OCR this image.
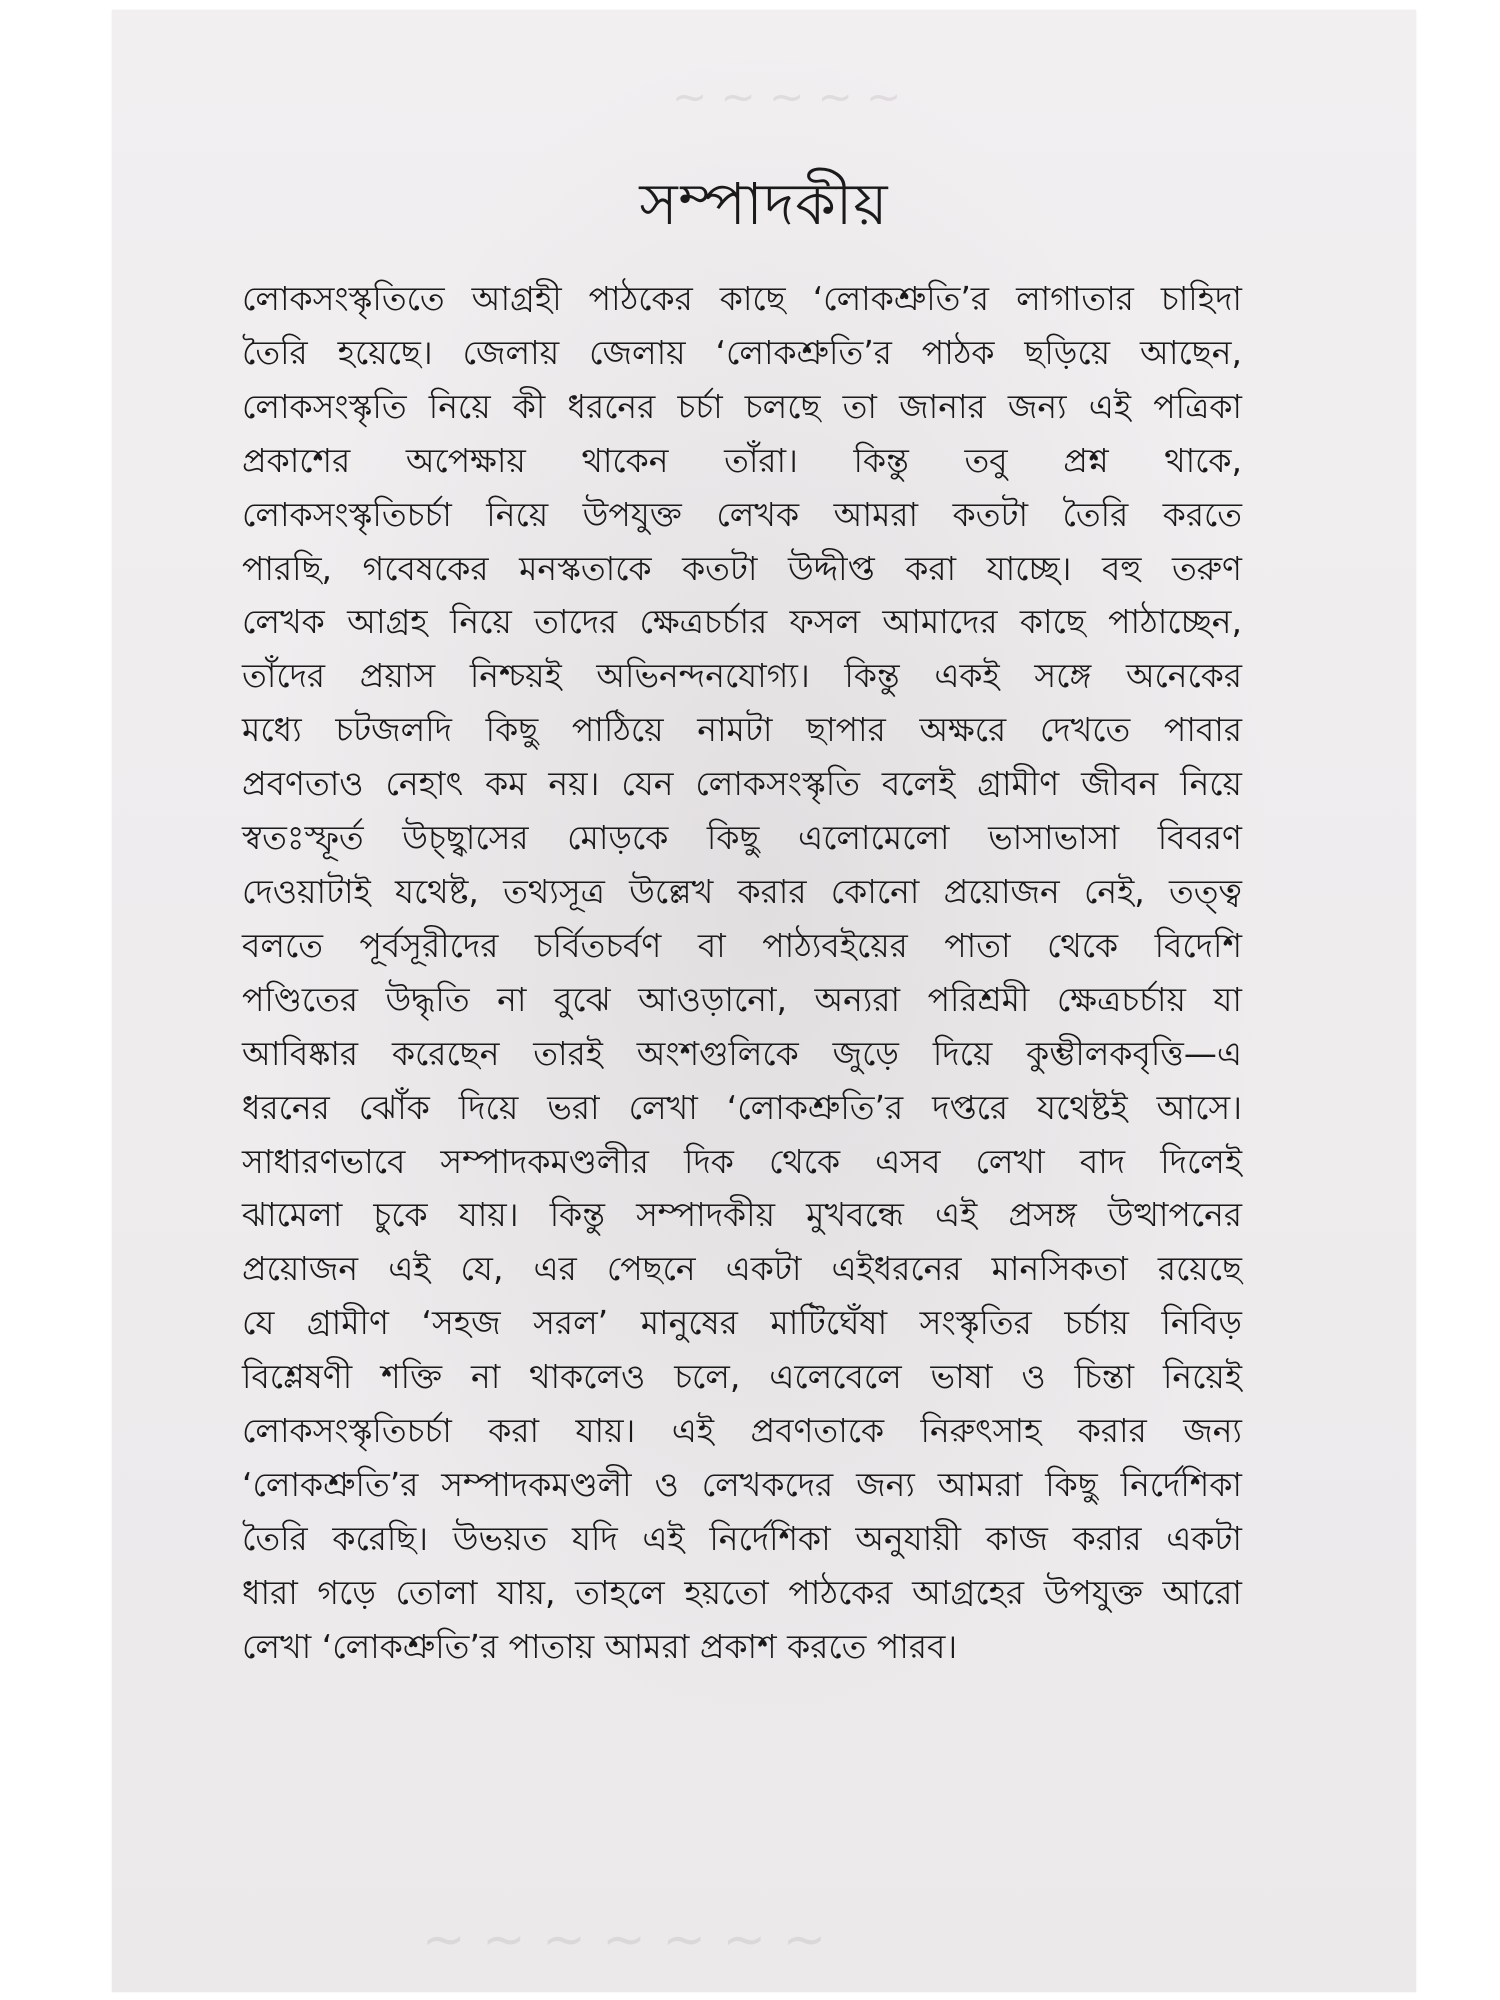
~ ~ ~ ~ ~
~ ~ ~ ~ ~ ~ ~
সম্পাদকীয়

লোকসংস্কৃতিতে আগ্রহী পাঠকের কাছে ‘লোকশ্রুতি’র লাগাতার চাহিদা
তৈরি হয়েছে। জেলায় জেলায় ‘লোকশ্রুতি’র পাঠক ছড়িয়ে আছেন,
লোকসংস্কৃতি নিয়ে কী ধরনের চর্চা চলছে তা জানার জন্য এই পত্রিকা
প্রকাশের অপেক্ষায় থাকেন তাঁরা। কিন্তু তবু প্রশ্ন থাকে,
লোকসংস্কৃতিচর্চা নিয়ে উপযুক্ত লেখক আমরা কতটা তৈরি করতে
পারছি, গবেষকের মনস্কতাকে কতটা উদ্দীপ্ত করা যাচ্ছে। বহু তরুণ
লেখক আগ্রহ নিয়ে তাদের ক্ষেত্রচর্চার ফসল আমাদের কাছে পাঠাচ্ছেন,
তাঁদের প্রয়াস নিশ্চয়ই অভিনন্দনযোগ্য। কিন্তু একই সঙ্গে অনেকের
মধ্যে চটজলদি কিছু পাঠিয়ে নামটা ছাপার অক্ষরে দেখতে পাবার
প্রবণতাও নেহাৎ কম নয়। যেন লোকসংস্কৃতি বলেই গ্রামীণ জীবন নিয়ে
স্বতঃস্ফূর্ত উচ্ছ্বাসের মোড়কে কিছু এলোমেলো ভাসাভাসা বিবরণ
দেওয়াটাই যথেষ্ট, তথ্যসূত্র উল্লেখ করার কোনো প্রয়োজন নেই, তত্ত্ব
বলতে পূর্বসূরীদের চর্বিতচর্বণ বা পাঠ্যবইয়ের পাতা থেকে বিদেশি
পণ্ডিতের উদ্ধৃতি না বুঝে আওড়ানো, অন্যরা পরিশ্রমী ক্ষেত্রচর্চায় যা
আবিষ্কার করেছেন তারই অংশগুলিকে জুড়ে দিয়ে কুম্ভীলকবৃত্তি—এ
ধরনের ঝোঁক দিয়ে ভরা লেখা ‘লোকশ্রুতি’র দপ্তরে যথেষ্টই আসে।
সাধারণভাবে সম্পাদকমণ্ডলীর দিক থেকে এসব লেখা বাদ দিলেই
ঝামেলা চুকে যায়। কিন্তু সম্পাদকীয় মুখবন্ধে এই প্রসঙ্গ উত্থাপনের
প্রয়োজন এই যে, এর পেছনে একটা এইধরনের মানসিকতা রয়েছে
যে গ্রামীণ ‘সহজ সরল’ মানুষের মাটিঘেঁষা সংস্কৃতির চর্চায় নিবিড়
বিশ্লেষণী শক্তি না থাকলেও চলে, এলেবেলে ভাষা ও চিন্তা নিয়েই
লোকসংস্কৃতিচর্চা করা যায়। এই প্রবণতাকে নিরুৎসাহ করার জন্য
‘লোকশ্রুতি’র সম্পাদকমণ্ডলী ও লেখকদের জন্য আমরা কিছু নির্দেশিকা
তৈরি করেছি। উভয়ত যদি এই নির্দেশিকা অনুযায়ী কাজ করার একটা
ধারা গড়ে তোলা যায়, তাহলে হয়তো পাঠকের আগ্রহের উপযুক্ত আরো
লেখা ‘লোকশ্রুতি’র পাতায় আমরা প্রকাশ করতে পারব।
